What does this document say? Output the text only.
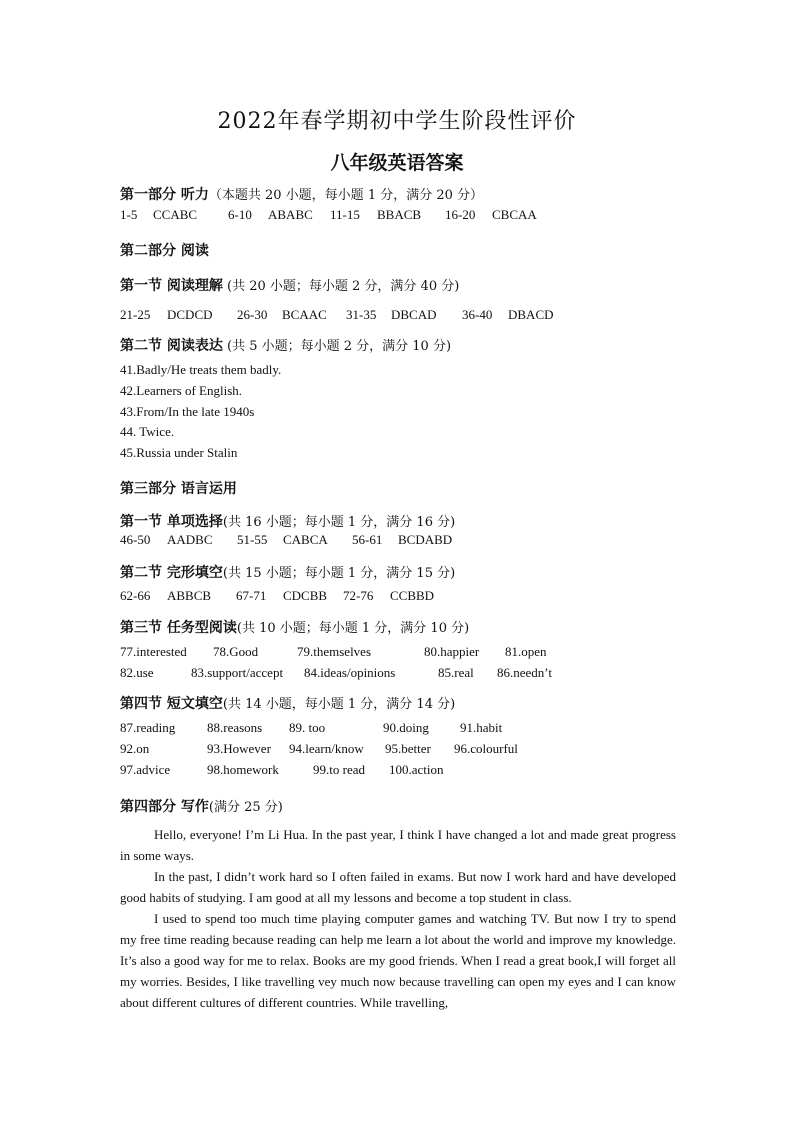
2022年春学期初中学生阶段性评价
八年级英语答案
第一部分 听力（本题共 20 小题，每小题 1 分，满分 20 分）
1-5 CCABC 6-10 ABABC 11-15 BBACB 16-20 CBCAA
第二部分 阅读
第一节 阅读理解 (共 20 小题；每小题 2 分，满分 40 分)
21-25 DCDCD 26-30 BCAAC 31-35 DBCAD 36-40 DBACD
第二节 阅读表达 (共 5 小题；每小题 2 分，满分 10 分)
41.Badly/He treats them badly.
42.Learners of English.
43.From/In the late 1940s
44. Twice.
45.Russia under Stalin
第三部分 语言运用
第一节 单项选择(共 16 小题；每小题 1 分，满分 16 分)
46-50 AADBC 51-55 CABCA 56-61 BCDABD
第二节 完形填空(共 15 小题；每小题 1 分，满分 15 分)
62-66 ABBCB 67-71 CDCBB 72-76 CCBBD
第三节 任务型阅读(共 10 小题；每小题 1 分，满分 10 分)
77.interested 78.Good	79.themselves	80.happier 81.open
82.use	83.support/accept 84.ideas/opinions	85.real 86.needn’t
第四节 短文填空(共 14 小题，每小题 1 分，满分 14 分)
87.reading 88.reasons 89. too	90.doing 91.habit
92.on	93.However 94.learn/know 95.better 96.colourful
97.advice	98.homework	99.to read 100.action
第四部分 写作(满分 25 分)

Hello, everyone! I’m Li Hua. In the past year, I think I have changed a lot and made great progress in some ways.

In the past, I didn’t work hard so I often failed in exams. But now I work hard and have developed good habits of studying. I am good at all my lessons and become a top student in class.

I used to spend too much time playing computer games and watching TV. But now I try to spend my free time reading because reading can help me learn a lot about the world and improve my knowledge. It’s also a good way for me to relax. Books are my good friends. When I read a great book,I will forget all my worries. Besides, I like travelling vey much now because travelling can open my eyes and I can know about different cultures of different countries. While travelling,
